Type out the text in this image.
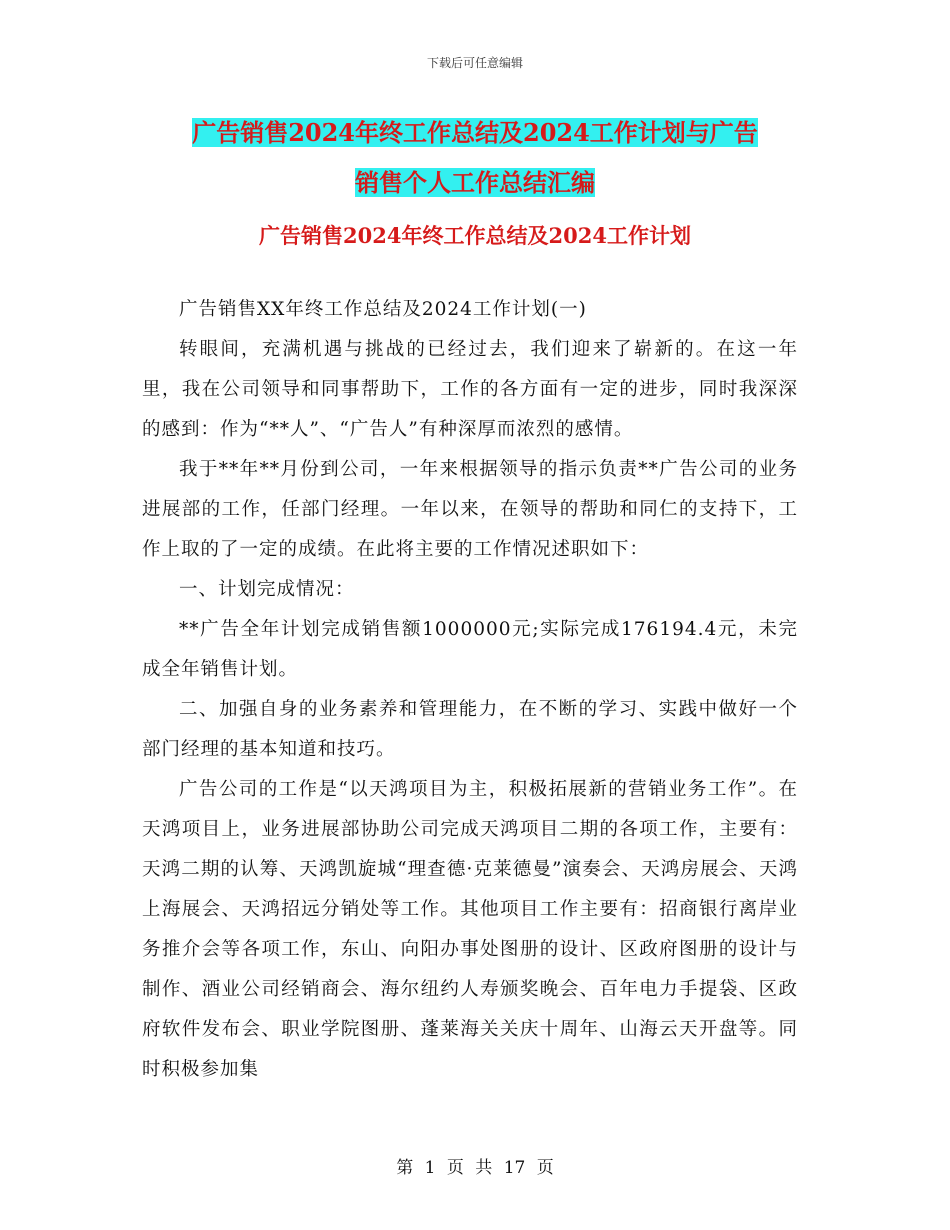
下载后可任意编辑
广告销售2024年终工作总结及2024工作计划与广告
销售个人工作总结汇编
广告销售2024年终工作总结及2024工作计划

广告销售XX年终工作总结及2024工作计划(一)

转眼间，充满机遇与挑战的已经过去，我们迎来了崭新的。在这一年里，我在公司领导和同事帮助下，工作的各方面有一定的进步，同时我深深的感到：作为“**人”、“广告人”有种深厚而浓烈的感情。

我于**年**月份到公司，一年来根据领导的指示负责**广告公司的业务进展部的工作，任部门经理。一年以来，在领导的帮助和同仁的支持下，工作上取的了一定的成绩。在此将主要的工作情况述职如下：

一、计划完成情况：

**广告全年计划完成销售额1000000元;实际完成176194.4元，未完成全年销售计划。

二、加强自身的业务素养和管理能力，在不断的学习、实践中做好一个部门经理的基本知道和技巧。

广告公司的工作是“以天鸿项目为主，积极拓展新的营销业务工作”。在天鸿项目上，业务进展部协助公司完成天鸿项目二期的各项工作，主要有：天鸿二期的认筹、天鸿凯旋城“理查德·克莱德曼”演奏会、天鸿房展会、天鸿上海展会、天鸿招远分销处等工作。其他项目工作主要有：招商银行离岸业务推介会等各项工作，东山、向阳办事处图册的设计、区政府图册的设计与制作、酒业公司经销商会、海尔纽约人寿颁奖晚会、百年电力手提袋、区政府软件发布会、职业学院图册、蓬莱海关关庆十周年、山海云天开盘等。同时积极参加集

第 1 页 共 17 页
